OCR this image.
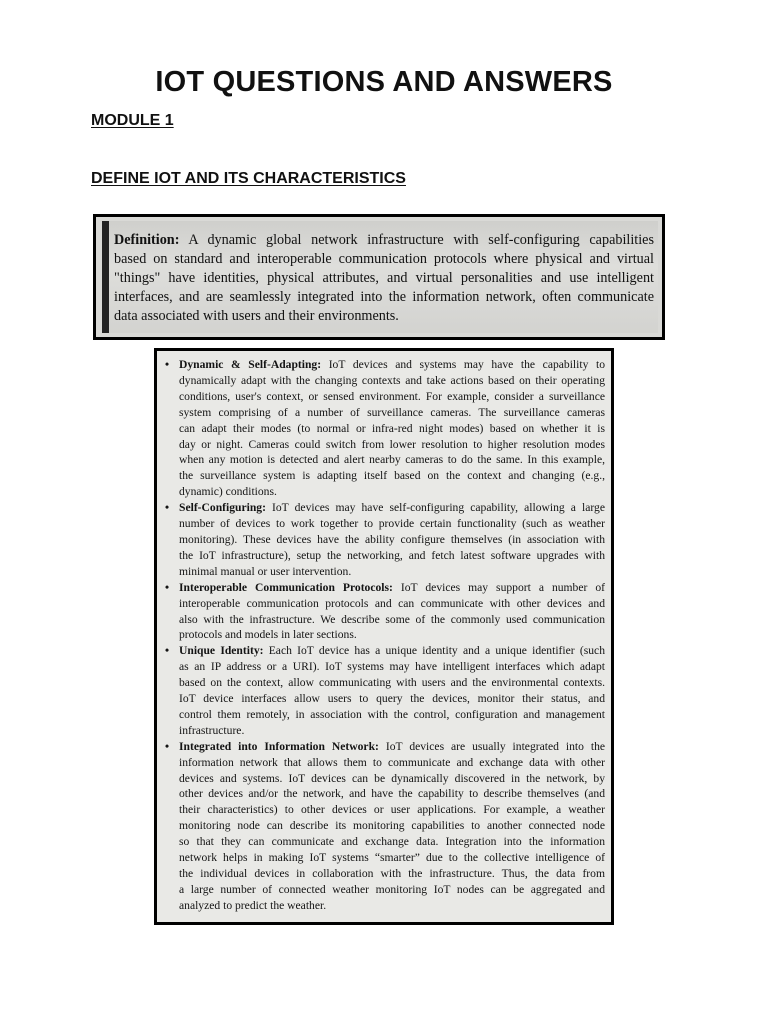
IOT QUESTIONS AND ANSWERS
MODULE 1
DEFINE IOT AND ITS CHARACTERISTICS
Definition: A dynamic global network infrastructure with self-configuring capabilities
based on standard and interoperable communication protocols where physical and virtual
"things" have identities, physical attributes, and virtual personalities and use intelligent
interfaces, and are seamlessly integrated into the information network, often communicate
data associated with users and their environments.
• Dynamic & Self-Adapting: IoT devices and systems may have the capability to
dynamically adapt with the changing contexts and take actions based on their operating
conditions, user's context, or sensed environment. For example, consider a surveillance
system comprising of a number of surveillance cameras. The surveillance cameras
can adapt their modes (to normal or infra-red night modes) based on whether it is
day or night. Cameras could switch from lower resolution to higher resolution modes
when any motion is detected and alert nearby cameras to do the same. In this example,
the surveillance system is adapting itself based on the context and changing (e.g.,
dynamic) conditions.
• Self-Configuring: IoT devices may have self-configuring capability, allowing a large
number of devices to work together to provide certain functionality (such as weather
monitoring). These devices have the ability configure themselves (in association with
the IoT infrastructure), setup the networking, and fetch latest software upgrades with
minimal manual or user intervention.
• Interoperable Communication Protocols: IoT devices may support a number of
interoperable communication protocols and can communicate with other devices and
also with the infrastructure. We describe some of the commonly used communication
protocols and models in later sections.
• Unique Identity: Each IoT device has a unique identity and a unique identifier (such
as an IP address or a URI). IoT systems may have intelligent interfaces which adapt
based on the context, allow communicating with users and the environmental contexts.
IoT device interfaces allow users to query the devices, monitor their status, and
control them remotely, in association with the control, configuration and management
infrastructure.
• Integrated into Information Network: IoT devices are usually integrated into the
information network that allows them to communicate and exchange data with other
devices and systems. IoT devices can be dynamically discovered in the network, by
other devices and/or the network, and have the capability to describe themselves (and
their characteristics) to other devices or user applications. For example, a weather
monitoring node can describe its monitoring capabilities to another connected node
so that they can communicate and exchange data. Integration into the information
network helps in making IoT systems “smarter” due to the collective intelligence of
the individual devices in collaboration with the infrastructure. Thus, the data from
a large number of connected weather monitoring IoT nodes can be aggregated and
analyzed to predict the weather.
